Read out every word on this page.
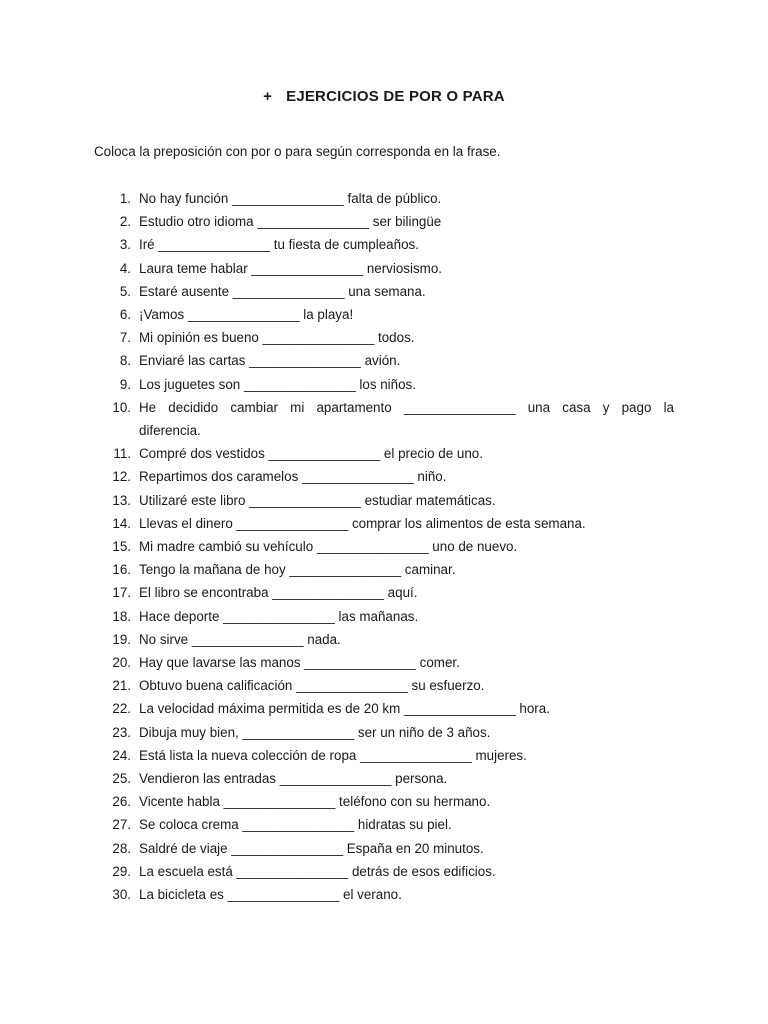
+ EJERCICIOS DE POR O PARA
Coloca la preposición con por o para según corresponda en la frase.
1. No hay función _______________ falta de público.
2. Estudio otro idioma _______________ ser bilingüe
3. Iré _______________ tu fiesta de cumpleaños.
4. Laura teme hablar _______________ nerviosismo.
5. Estaré ausente _______________ una semana.
6. ¡Vamos _______________ la playa!
7. Mi opinión es bueno _______________ todos.
8. Enviaré las cartas _______________ avión.
9. Los juguetes son _______________ los niños.
10. He decidido cambiar mi apartamento _______________ una casa y pago la
diferencia.
11. Compré dos vestidos _______________ el precio de uno.
12. Repartimos dos caramelos _______________ niño.
13. Utilizaré este libro _______________ estudiar matemáticas.
14. Llevas el dinero _______________ comprar los alimentos de esta semana.
15. Mi madre cambió su vehículo _______________ uno de nuevo.
16. Tengo la mañana de hoy _______________ caminar.
17. El libro se encontraba _______________ aquí.
18. Hace deporte _______________ las mañanas.
19. No sirve _______________ nada.
20. Hay que lavarse las manos _______________ comer.
21. Obtuvo buena calificación _______________ su esfuerzo.
22. La velocidad máxima permitida es de 20 km _______________ hora.
23. Dibuja muy bien, _______________ ser un niño de 3 años.
24. Está lista la nueva colección de ropa _______________ mujeres.
25. Vendieron las entradas _______________ persona.
26. Vicente habla _______________ teléfono con su hermano.
27. Se coloca crema _______________ hidratas su piel.
28. Saldré de viaje _______________ España en 20 minutos.
29. La escuela está _______________ detrás de esos edificios.
30. La bicicleta es _______________ el verano.
